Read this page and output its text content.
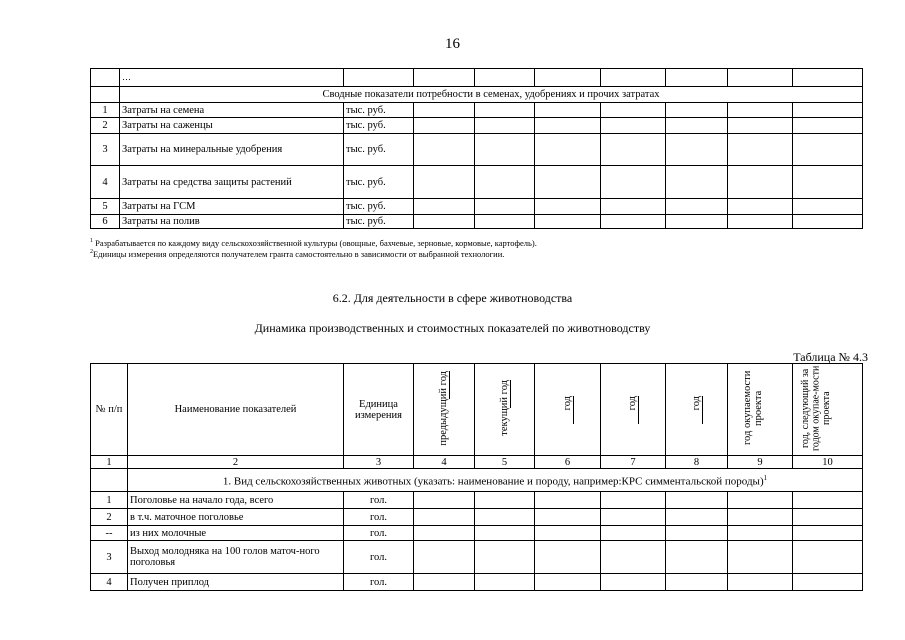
16
	…								
	Сводные показатели потребности в семенах, удобрениях и прочих затратах								
1	Затраты на семена	тыс. руб.							
2	Затраты на саженцы	тыс. руб.							
3	Затраты на минеральные удобрения	тыс. руб.							
4	Затраты на средства защиты растений	тыс. руб.							
5	Затраты на ГСМ	тыс. руб.							
6	Затраты на полив	тыс. руб.							
$^1$ Разрабатывается по каждому виду сельскохозяйственной культуры (овощные, бахчевые, зерновые, кормовые, картофель).
$^2$Единицы измерения определяются получателем гранта самостоятельно в зависимости от выбранной технологии.
6.2. Для деятельности в сфере животноводства
Динамика производственных и стоимостных показателей по животноводству
Таблица № 4.3
№ п/п	Наименование показателей	Единица измерения	предыдущий год	текущий год	год	год	год	год окупаемости проекта	год, следующий за годом окупае-мости проекта
1	2	3	4	5	6	7	8	9	10
	1. Вид сельскохозяйственных животных (указать: наименование и породу, например:КРС симментальской породы)$^1$
1	Поголовье на начало года, всего	гол.							
2	в т.ч. маточное поголовье	гол.							
--	из них молочные	гол.							
3	Выход молодняка на 100 голов маточ-ного поголовья	гол.							
4	Получен приплод	гол.							
